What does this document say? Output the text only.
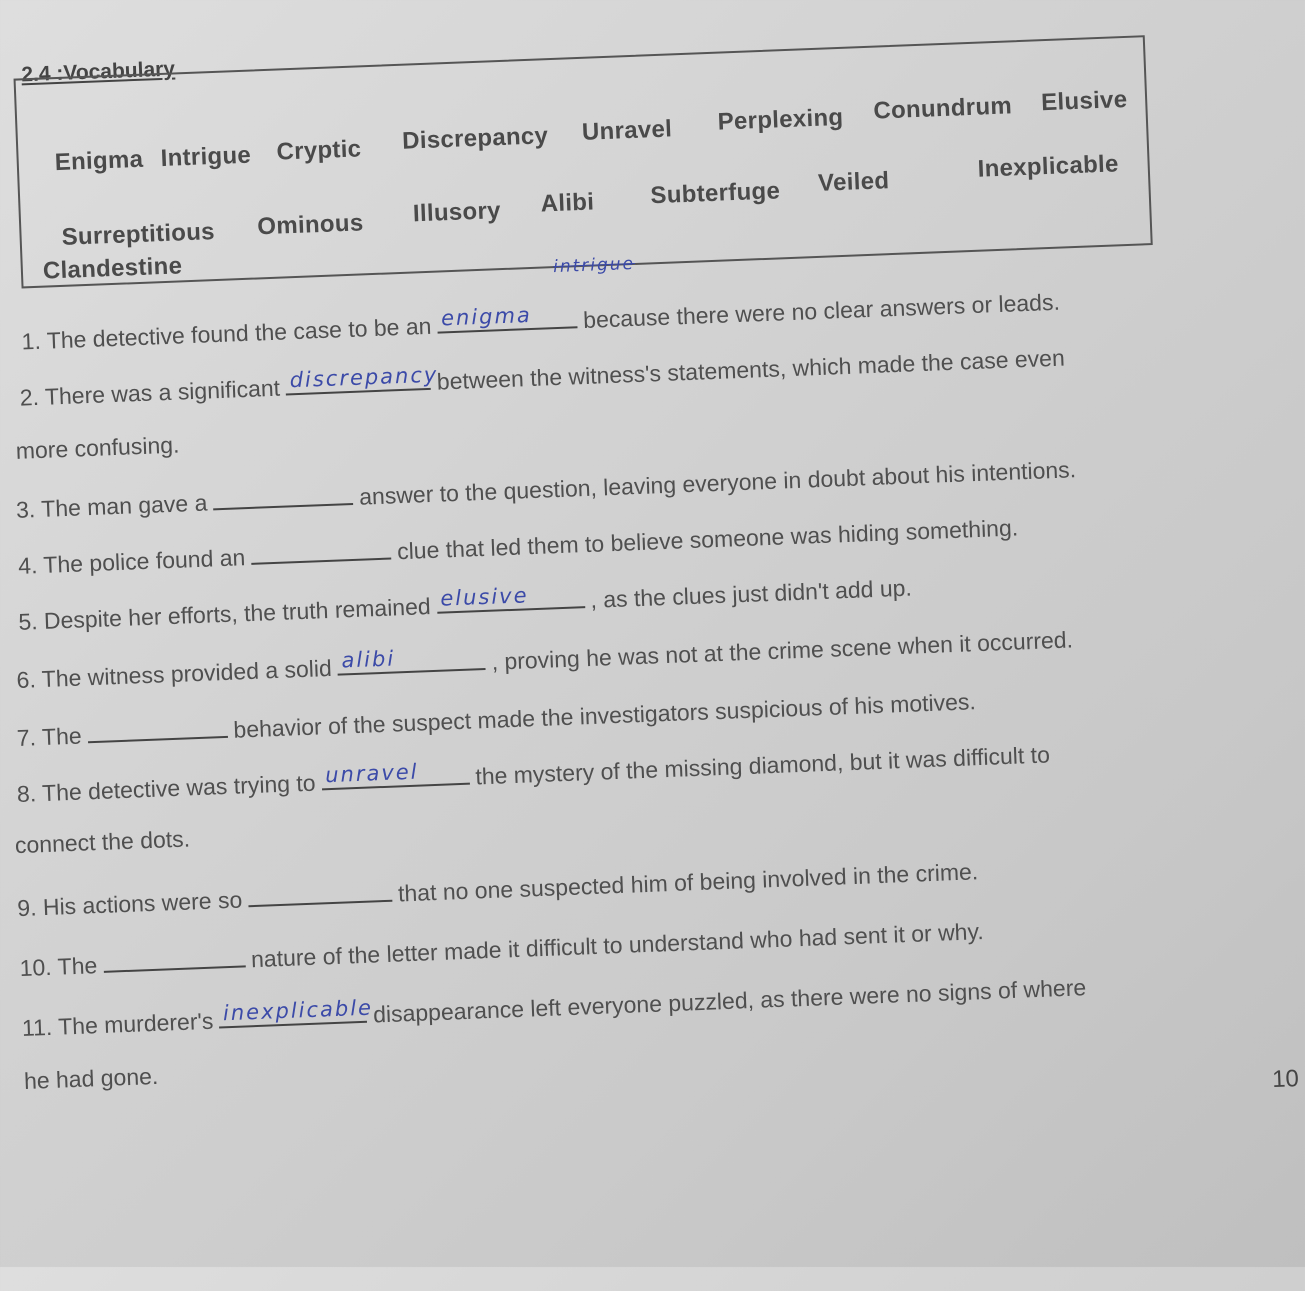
2.4 :Vocabulary
Enigma Intrigue Cryptic Discrepancy Unravel Perplexing Conundrum Elusive
Surreptitious Ominous Illusory Alibi Subterfuge Veiled	Inexplicable
Clandestine
1. The detective found the case to be an
intrigue
enigma because there were no clear answers or leads.
2. There was a significant discrepancy
between the witness's statements, which made the case even
more confusing.
3. The man gave a	answer to the question, leaving everyone in doubt about his intentions.
4. The police found an	clue that led them to believe someone was hiding something.
5. Despite her efforts, the truth remained elusive	, as the clues just didn't add up.
6. The witness provided a solid alibi	, proving he was not at the crime scene when it occurred.
7. The	behavior of the suspect made the investigators suspicious of his motives.
8. The detective was trying to unravel the mystery of the missing diamond, but it was difficult to
connect the dots.
9. His actions were so	that no one suspected him of being involved in the crime.
10. The	nature of the letter made it difficult to understand who had sent it or why.
11. The murderer's inexplicable disappearance left everyone puzzled, as there were no signs of where
he had gone.	10
